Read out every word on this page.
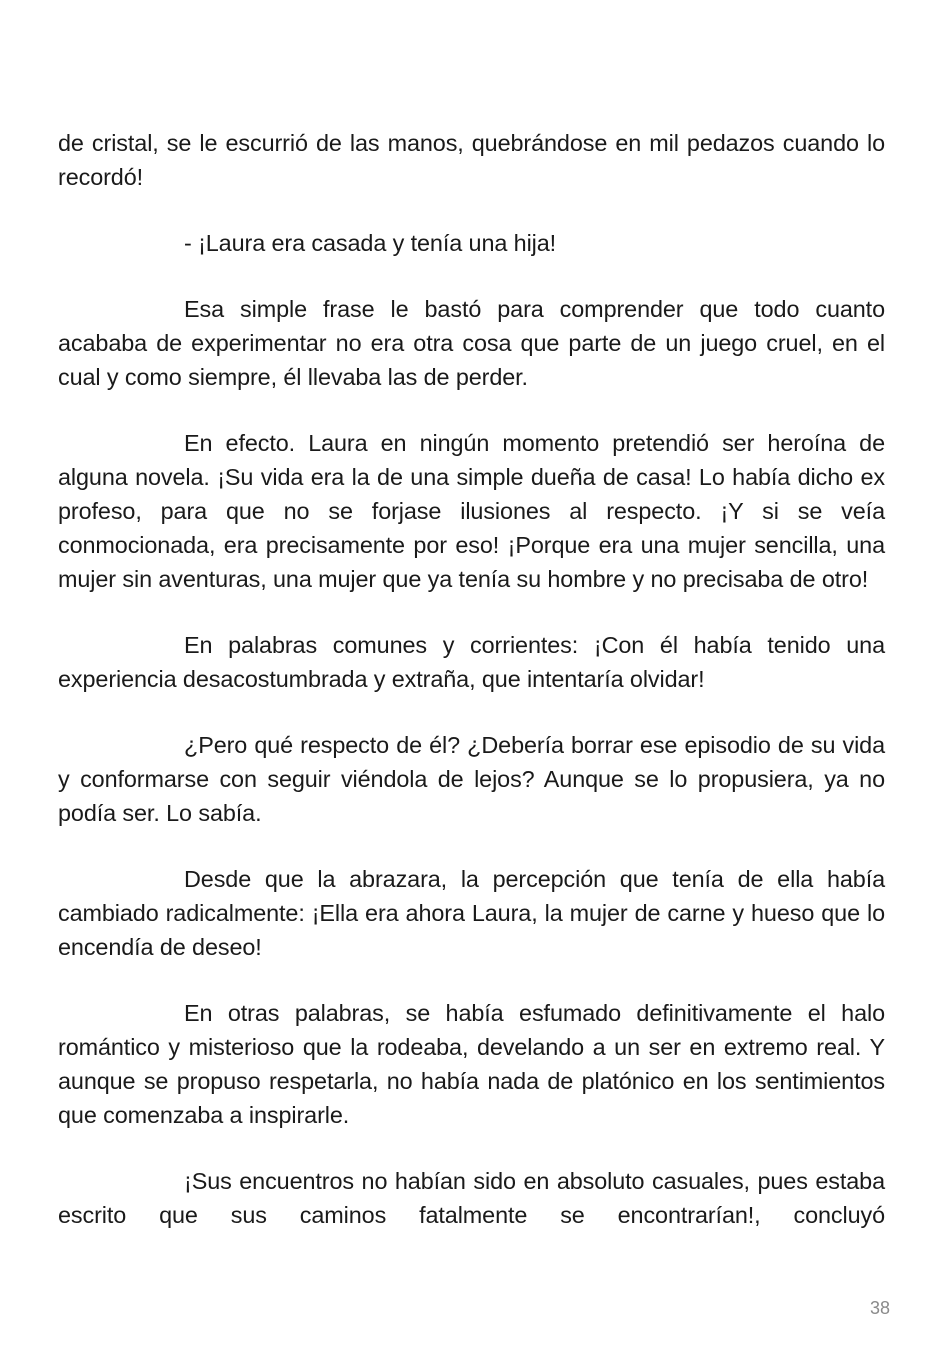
de cristal, se le escurrió de las manos, quebrándose en mil pedazos cuando lo recordó!

- ¡Laura era casada y tenía una hija!

Esa simple frase le bastó para comprender que todo cuanto acababa de experimentar no era otra cosa que parte de un juego cruel, en el cual y como siempre, él llevaba las de perder.

En efecto. Laura en ningún momento pretendió ser heroína de alguna novela. ¡Su vida era la de una simple dueña de casa! Lo había dicho ex profeso, para que no se forjase ilusiones al respecto. ¡Y si se veía conmocionada, era precisamente por eso! ¡Porque era una mujer sencilla, una mujer sin aventuras, una mujer que ya tenía su hombre y no precisaba de otro!

En palabras comunes y corrientes: ¡Con él había tenido una experiencia desacostumbrada y extraña, que intentaría olvidar!

¿Pero qué respecto de él? ¿Debería borrar ese episodio de su vida y conformarse con seguir viéndola de lejos? Aunque se lo propusiera, ya no podía ser. Lo sabía.

Desde que la abrazara, la percepción que tenía de ella había cambiado radicalmente: ¡Ella era ahora Laura, la mujer de carne y hueso que lo encendía de deseo!

En otras palabras, se había esfumado definitivamente el halo romántico y misterioso que la rodeaba, develando a un ser en extremo real. Y aunque se propuso respetarla, no había nada de platónico en los sentimientos que comenzaba a inspirarle.

¡Sus encuentros no habían sido en absoluto casuales, pues estaba escrito que sus caminos fatalmente se encontrarían!, concluyó

38
